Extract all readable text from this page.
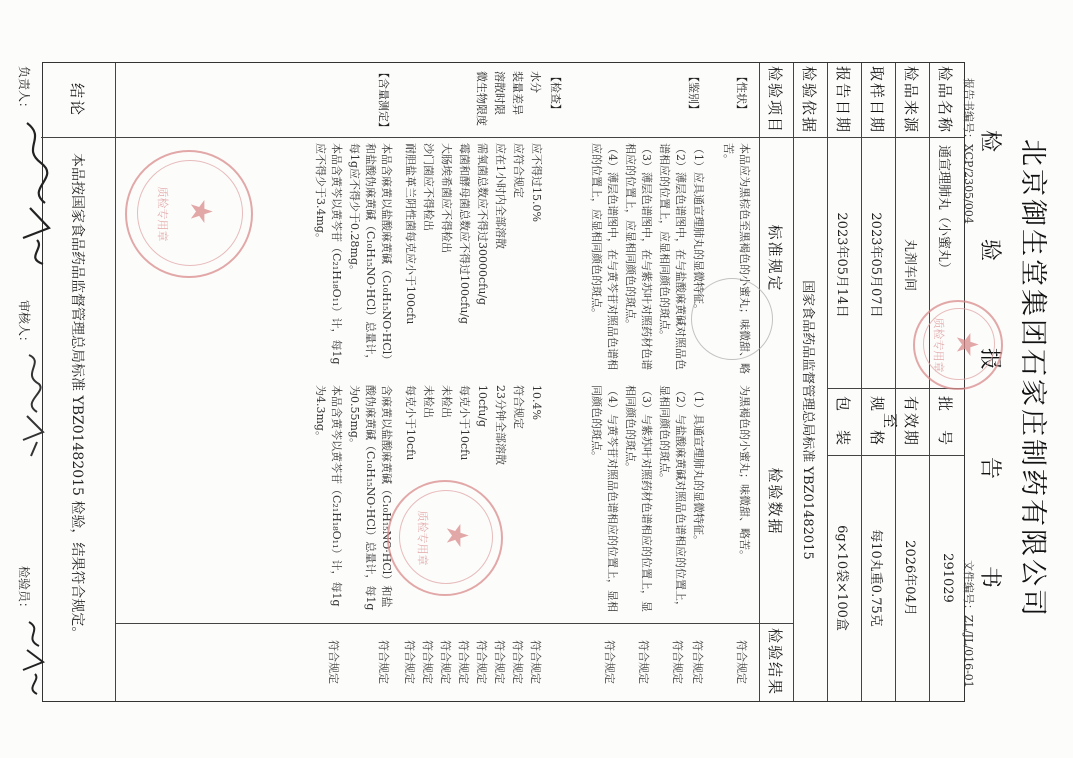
北京御生堂集团石家庄制药有限公司
检 验 报 告 书
报告书编号：XCP/2305/004
文件编号：ZL/JL/016-01
检品名称
通宣理肺丸（小蜜丸）
批　号
291029
检品来源
丸剂车间
有效期至
2026年04月
取样日期
2023年05月07日
规　格
每10丸重0.75克
报告日期
2023年05月14日
包　装
6g×10袋×100盒
检验依据
国家食品药品监督管理总局标准 YBZ01482015
检验项目
标准规定
检验数据
检验结果
【性状】
本品应为黑棕色至黑褐色的小蜜丸；味微甜、略苦。
为黑褐色的小蜜丸；味微甜、略苦。
符合规定
【鉴别】
（1）应具通宣理肺丸的显微特征。
（2）薄层色谱图中，在与盐酸麻黄碱对照品色谱相应的位置上，应显相同颜色的斑点。
（3）薄层色谱图中，在与紫苏叶对照药材色谱相应的位置上，应显相同颜色的斑点。
（4）薄层色谱图中，在与黄芩苷对照品色谱相应的位置上，应显相同颜色的斑点。
（1）具通宣理肺丸的显微特征。
（2）与盐酸麻黄碱对照品色谱相应的位置上，显相同颜色的斑点。
（3）与紫苏叶对照药材色谱相应的位置上，显相同颜色的斑点。
（4）与黄芩苷对照品色谱相应的位置上，显相同颜色的斑点。
符合规定
符合规定
符合规定
符合规定
【检查】
水分
装量差异
溶散时限
微生物限度
应不得过15.0%
应符合规定
应在1小时内全部溶散
需氧菌总数应不得过30000cfu/g
霉菌和酵母菌总数应不得过100cfu/g
大肠埃希菌应不得检出
沙门菌应不得检出
耐胆盐革兰阴性菌每克应小于100cfu
10.4%
符合规定
23分钟全部溶散
10cfu/g
每克小于10cfu
未检出
未检出
每克小于10cfu
符合规定
符合规定
符合规定
符合规定
符合规定
符合规定
符合规定
符合规定
【含量测定】
本品含麻黄以盐酸麻黄碱（C₁₀H₁₅NO·HCl）和盐酸伪麻黄碱（C₁₀H₁₅NO·HCl）总量计，每1g应不得少于0.28mg。
本品含黄芩以黄芩苷（C₂₁H₁₈O₁₁）计，每1g应不得少于3.4mg。
含麻黄以盐酸麻黄碱（C₁₀H₁₅NO·HCl）和盐酸伪麻黄碱（C₁₀H₁₅NO·HCl）总量计，每1g为0.55mg。
本品含黄芩以黄芩苷（C₂₁H₁₈O₁₁）计，每1g为4.3mg。
符合规定
符合规定
结论
本品按国家食品药品监督管理总局标准 YBZ01482015 检验，结果符合规定。
负责人：
审核人：
检验员：
★
质检专用章
★
质检专用章
★
质检专用章
